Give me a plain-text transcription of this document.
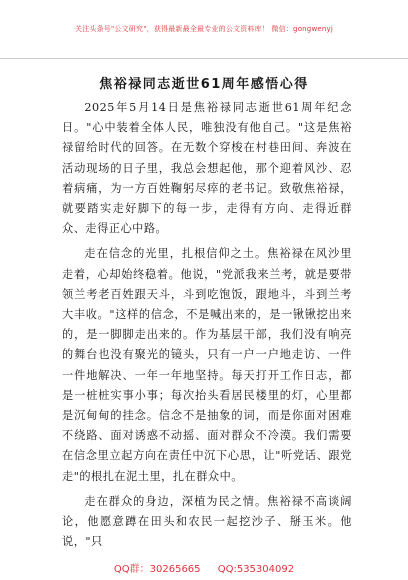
关注头条号"公文研究"，获得最新最全最专业的公文资料库！ 微信：gongwenyj
焦裕禄同志逝世61周年感悟心得

2025年5月14日是焦裕禄同志逝世61周年纪念日。"心中装着全体人民，唯独没有他自己。"这是焦裕禄留给时代的回答。在无数个穿梭在村巷田间、奔波在活动现场的日子里，我总会想起他，那个迎着风沙、忍着病痛，为一方百姓鞠躬尽瘁的老书记。致敬焦裕禄，就要踏实走好脚下的每一步，走得有方向、走得近群众、走得正心中路。

走在信念的光里，扎根信仰之土。焦裕禄在风沙里走着，心却始终稳着。他说，"党派我来兰考，就是要带领兰考老百姓跟天斗，斗到吃饱饭，跟地斗，斗到兰考大丰收。"这样的信念，不是喊出来的，是一锹锹挖出来的，是一脚脚走出来的。作为基层干部，我们没有响亮的舞台也没有聚光的镜头，只有一户一户地走访、一件一件地解决、一年一年地坚持。每天打开工作日志，都是一桩桩实事小事；每次抬头看居民楼里的灯，心里都是沉甸甸的挂念。信念不是抽象的词，而是你面对困难不绕路、面对诱惑不动摇、面对群众不冷漠。我们需要在信念里立起方向在责任中沉下心思，让"听党话、跟党走"的根扎在泥土里，扎在群众中。

走在群众的身边，深植为民之情。焦裕禄不高谈阔论，他愿意蹲在田头和农民一起挖沙子、掰玉米。他说，"只

QQ群：30265665 QQ:535304092
